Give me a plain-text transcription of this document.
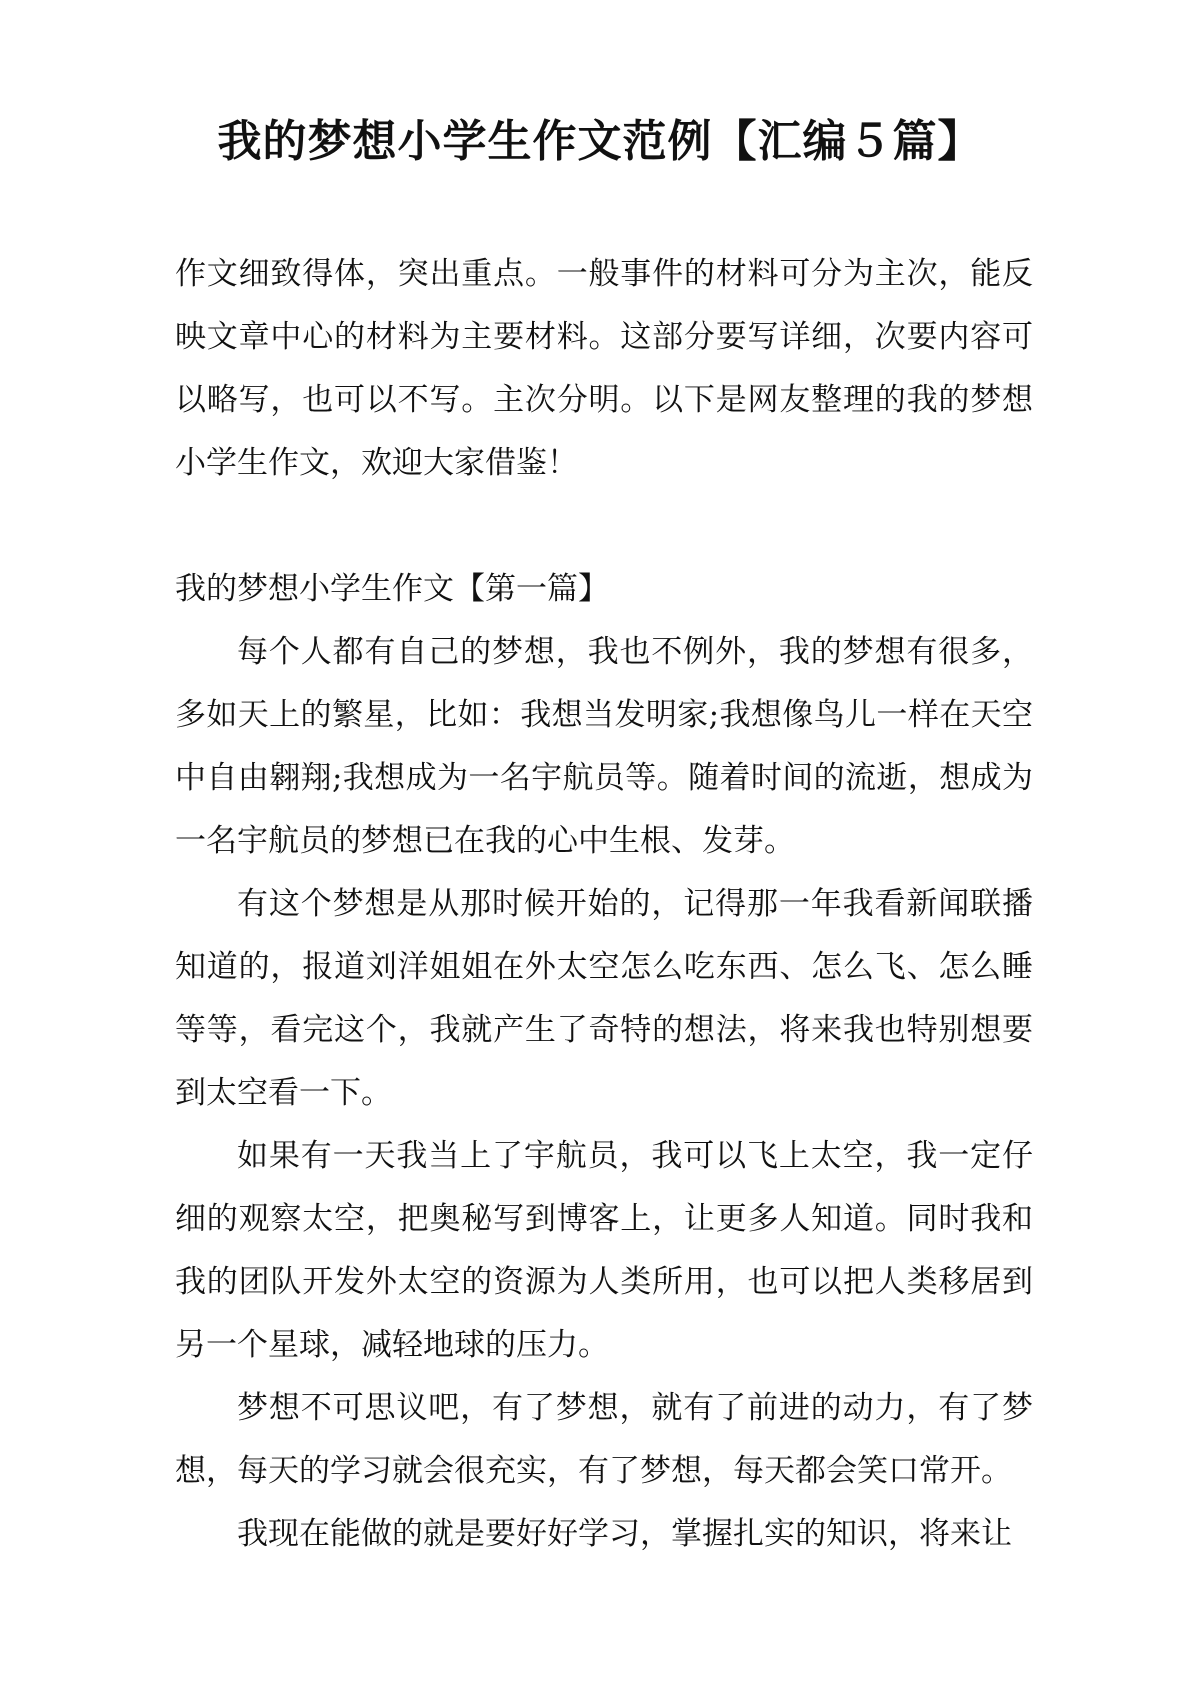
我的梦想小学生作文范例【汇编５篇】

作文细致得体，突出重点。一般事件的材料可分为主次，能反映文章中心的材料为主要材料。这部分要写详细，次要内容可以略写，也可以不写。主次分明。以下是网友整理的我的梦想小学生作文，欢迎大家借鉴！

我的梦想小学生作文【第一篇】

每个人都有自己的梦想，我也不例外，我的梦想有很多，多如天上的繁星，比如：我想当发明家;我想像鸟儿一样在天空中自由翱翔;我想成为一名宇航员等。随着时间的流逝，想成为一名宇航员的梦想已在我的心中生根、发芽。

有这个梦想是从那时候开始的，记得那一年我看新闻联播知道的，报道刘洋姐姐在外太空怎么吃东西、怎么飞、怎么睡等等，看完这个，我就产生了奇特的想法，将来我也特别想要到太空看一下。

如果有一天我当上了宇航员，我可以飞上太空，我一定仔细的观察太空，把奥秘写到博客上，让更多人知道。同时我和我的团队开发外太空的资源为人类所用，也可以把人类移居到另一个星球，减轻地球的压力。

梦想不可思议吧，有了梦想，就有了前进的动力，有了梦想，每天的学习就会很充实，有了梦想，每天都会笑口常开。

我现在能做的就是要好好学习，掌握扎实的知识，将来让
